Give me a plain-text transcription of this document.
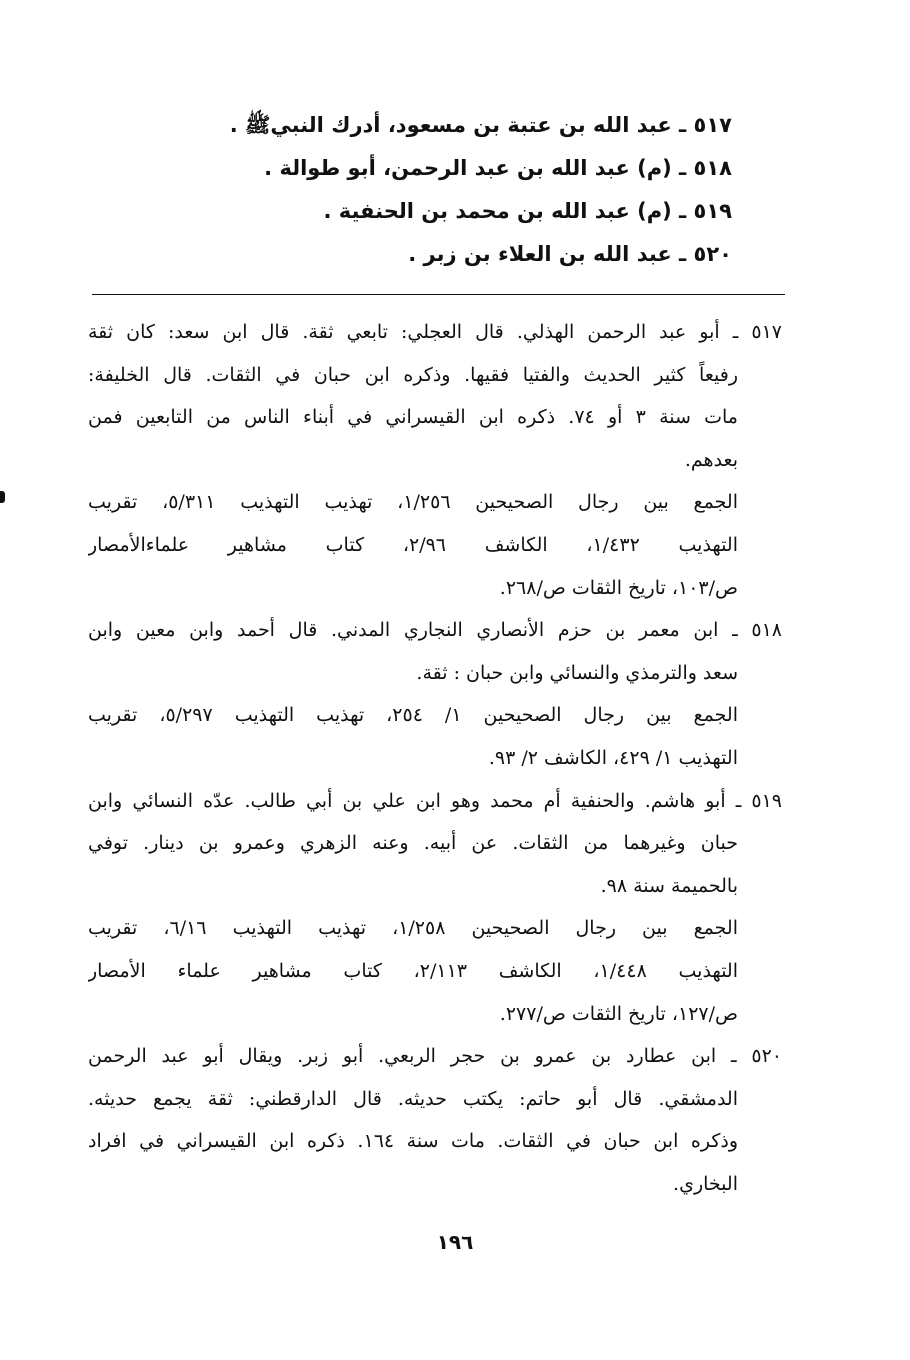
٥١٧ ـ عبد الله بن عتبة بن مسعود، أدرك النبيﷺ .
٥١٨ ـ (م) عبد الله بن عبد الرحمن، أبو طوالة .
٥١٩ ـ (م) عبد الله بن محمد بن الحنفية .
٥٢٠ ـ عبد الله بن العلاء بن زبر .
٥١٧ ـ أبو عبد الرحمن الهذلي. قال العجلي: تابعي ثقة. قال ابن سعد: كان ثقة
رفيعاً كثير الحديث والفتيا فقيها. وذكره ابن حبان في الثقات. قال الخليفة:
مات سنة ٣ أو ٧٤. ذكره ابن القيسراني في أبناء الناس من التابعين فمن
بعدهم.
الجمع بين رجال الصحيحين ١/٢٥٦، تهذيب التهذيب ٥/٣١١، تقريب
التهذيب ١/٤٣٢، الكاشف ٢/٩٦، كتاب مشاهير علماءالأمصار
ص/١٠٣، تاريخ الثقات ص/٢٦٨.
٥١٨ ـ ابن معمر بن حزم الأنصاري النجاري المدني. قال أحمد وابن معين وابن
سعد والترمذي والنسائي وابن حبان : ثقة.
الجمع بين رجال الصحيحين ١/ ٢٥٤، تهذيب التهذيب ٥/٢٩٧، تقريب
التهذيب ١/ ٤٢٩، الكاشف ٢/ ٩٣.
٥١٩ ـ أبو هاشم. والحنفية أم محمد وهو ابن علي بن أبي طالب. عدّه النسائي وابن
حبان وغيرهما من الثقات. عن أبيه. وعنه الزهري وعمرو بن دينار. توفي
بالحميمة سنة ٩٨.
الجمع بين رجال الصحيحين ١/٢٥٨، تهذيب التهذيب ٦/١٦، تقريب
التهذيب ١/٤٤٨، الكاشف ٢/١١٣، كتاب مشاهير علماء الأمصار
ص/١٢٧، تاريخ الثقات ص/٢٧٧.
٥٢٠ ـ ابن عطارد بن عمرو بن حجر الربعي. أبو زبر. ويقال أبو عبد الرحمن
الدمشقي. قال أبو حاتم: يكتب حديثه. قال الدارقطني: ثقة يجمع حديثه.
وذكره ابن حبان في الثقات. مات سنة ١٦٤. ذكره ابن القيسراني في افراد
البخاري.
١٩٦
